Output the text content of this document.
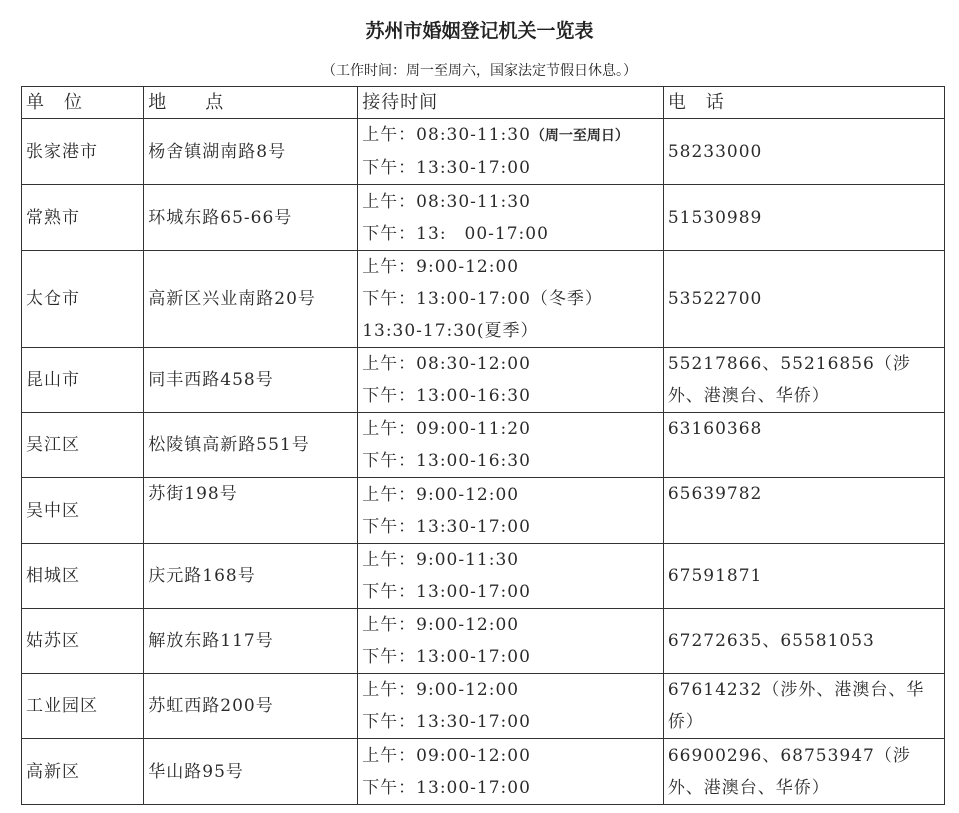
苏州市婚姻登记机关一览表
（工作时间：周一至周六，国家法定节假日休息。）
单　位	地　　点	接待时间	电　话
张家港市	杨舍镇湖南路8号	上午：08:30-11:30（周一至周日）
下午：13:30-17:00	58233000
常熟市	环城东路65-66号	上午：08:30-11:30
下午：13:　00-17:00	51530989
太仓市	高新区兴业南路20号	上午：9:00-12:00
下午：13:00-17:00（冬季）
13:30-17:30(夏季）	53522700
昆山市	同丰西路458号	上午：08:30-12:00
下午：13:00-16:30	55217866、55216856（涉外、港澳台、华侨）
吴江区	松陵镇高新路551号	上午：09:00-11:20
下午：13:00-16:30	63160368
吴中区	苏街198号	上午：9:00-12:00
下午：13:30-17:00	65639782
相城区	庆元路168号	上午：9:00-11:30
下午：13:00-17:00	67591871
姑苏区	解放东路117号	上午：9:00-12:00
下午：13:00-17:00	67272635、65581053
工业园区	苏虹西路200号	上午：9:00-12:00
下午：13:30-17:00	67614232（涉外、港澳台、华侨）
高新区	华山路95号	上午：09:00-12:00
下午：13:00-17:00	66900296、68753947（涉外、港澳台、华侨）
